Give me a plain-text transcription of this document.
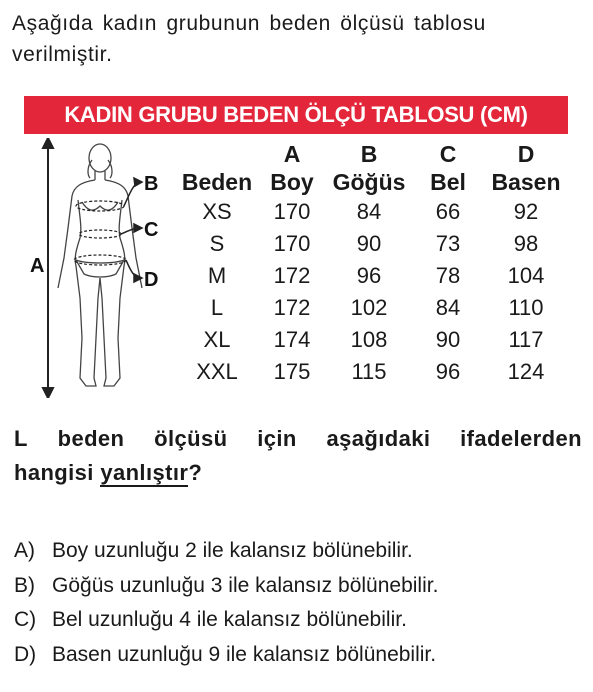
Aşağıda kadın grubunun beden ölçüsü tablosu verilmiştir.
KADIN GRUBU BEDEN ÖLÇÜ TABLOSU (CM)
A
B
C
D

Beden
XS
S
M
L
XL
XXL
A
Boy
170
170
172
172
174
175
B
Göğüs
84
90
96
102
108
115
C
Bel
66
73
78
84
90
96
D
Basen
92
98
104
110
117
124
L beden ölçüsü için aşağıdaki ifadelerden
hangisi yanlıştır?
A) Boy uzunluğu 2 ile kalansız bölünebilir.
B) Göğüs uzunluğu 3 ile kalansız bölünebilir.
C) Bel uzunluğu 4 ile kalansız bölünebilir.
D) Basen uzunluğu 9 ile kalansız bölünebilir.
